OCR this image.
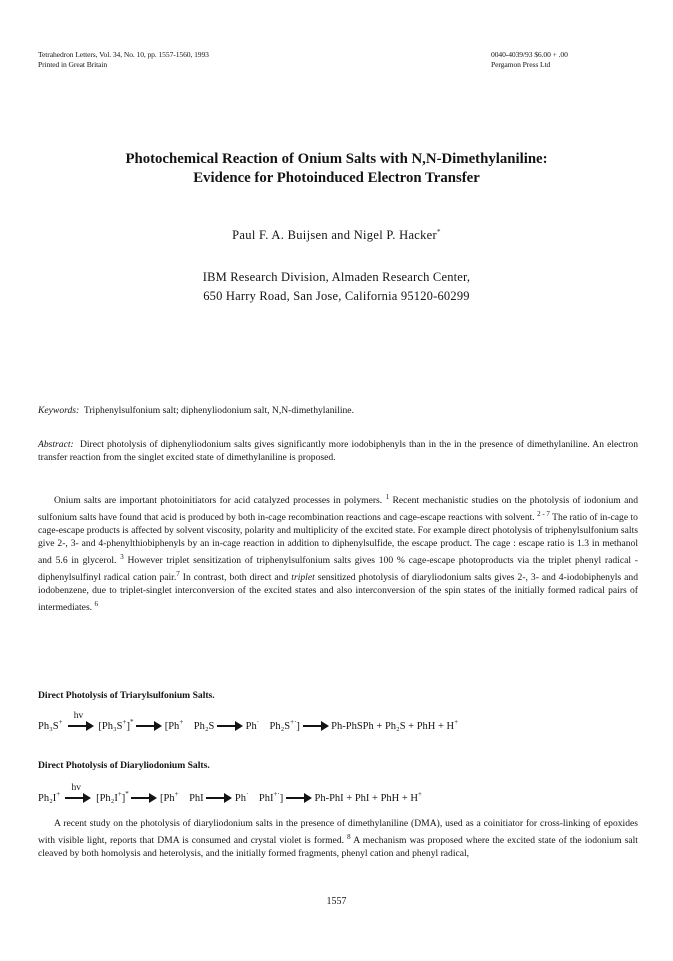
Tetrahedron Letters, Vol. 34, No. 10, pp. 1557-1560, 1993
Printed in Great Britain
0040-4039/93 $6.00 + .00
Pergamon Press Ltd
Photochemical Reaction of Onium Salts with N,N-Dimethylaniline:
Evidence for Photoinduced Electron Transfer
Paul F. A. Buijsen and Nigel P. Hacker*
IBM Research Division, Almaden Research Center,
650 Harry Road, San Jose, California 95120-60299
Keywords: Triphenylsulfonium salt; diphenyliodonium salt, N,N-dimethylaniline.
Abstract: Direct photolysis of diphenyliodonium salts gives significantly more iodobiphenyls than in the in the presence of dimethylaniline. An electron transfer reaction from the singlet excited state of dimethylaniline is proposed.
Onium salts are important photoinitiators for acid catalyzed processes in polymers. $^1$ Recent mechanistic studies on the photolysis of iodonium and sulfonium salts have found that acid is produced by both in-cage recombination reactions and cage-escape reactions with solvent. $^{2 - 7}$ The ratio of in-cage to cage-escape products is affected by solvent viscosity, polarity and multiplicity of the excited state. For example direct photolysis of triphenylsulfonium salts give 2-, 3- and 4-phenylthiobiphenyls by an in-cage reaction in addition to diphenylsulfide, the escape product. The cage : escape ratio is 1.3 in methanol and 5.6 in glycerol. $^3$ However triplet sensitization of triphenylsulfonium salts gives 100 % cage-escape photoproducts via the triplet phenyl radical - diphenylsulfinyl radical cation pair.$^7$ In contrast, both direct and triplet sensitized photolysis of diaryliodonium salts gives 2-, 3- and 4-iodobiphenyls and iodobenzene, due to triplet-singlet interconversion of the excited states and also interconversion of the spin states of the initially formed radical pairs of intermediates. $^6$
Direct Photolysis of Triarylsulfonium Salts.
Ph₃S+
hv
[Ph₃S+]*	[Ph+ Ph₂S	Ph· Ph₂S+·]	Ph-PhSPh + Ph₂S + PhH + H+
Direct Photolysis of Diaryliodonium Salts.
Ph₂I+
hv
[Ph₂I+]*	[Ph+ PhI	Ph· PhI+·]	Ph-PhI + PhI + PhH + H+
A recent study on the photolysis of diaryliodonium salts in the presence of dimethylaniline (DMA), used as a coinitiator for cross-linking of epoxides with visible light, reports that DMA is consumed and crystal violet is formed. $^8$ A mechanism was proposed where the excited state of the iodonium salt cleaved by both homolysis and heterolysis, and the initially formed fragments, phenyl cation and phenyl radical,
1557
